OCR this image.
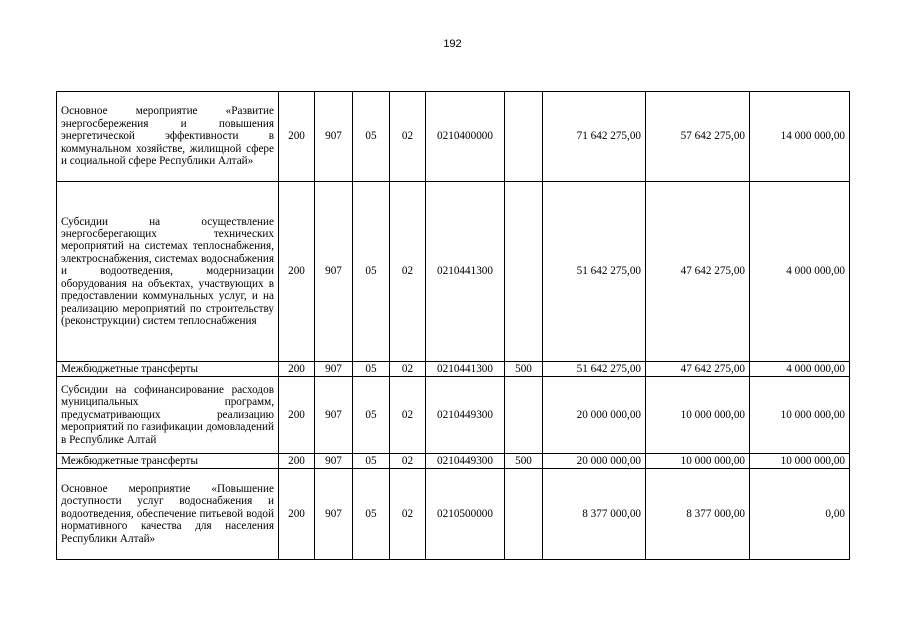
192
Основное мероприятие «Развитие энергосбережения и повышения энергетической эффективности в коммунальном хозяйстве, жилищной сфере и социальной сфере Республики Алтай»	200	907	05	02	0210400000		71 642 275,00	57 642 275,00	14 000 000,00
Субсидии на осуществление энергосберегающих технических мероприятий на системах теплоснабжения, электроснабжения, системах водоснабжения и водоотведения, модернизации оборудования на объектах, участвующих в предоставлении коммунальных услуг, и на реализацию мероприятий по строительству (реконструкции) систем теплоснабжения	200	907	05	02	0210441300		51 642 275,00	47 642 275,00	4 000 000,00
Межбюджетные трансферты	200	907	05	02	0210441300	500	51 642 275,00	47 642 275,00	4 000 000,00
Субсидии на софинансирование расходов муниципальных программ, предусматривающих реализацию мероприятий по газификации домовладений в Республике Алтай	200	907	05	02	0210449300		20 000 000,00	10 000 000,00	10 000 000,00
Межбюджетные трансферты	200	907	05	02	0210449300	500	20 000 000,00	10 000 000,00	10 000 000,00
Основное мероприятие «Повышение доступности услуг водоснабжения и водоотведения, обеспечение питьевой водой нормативного качества для населения Республики Алтай»	200	907	05	02	0210500000		8 377 000,00	8 377 000,00	0,00
